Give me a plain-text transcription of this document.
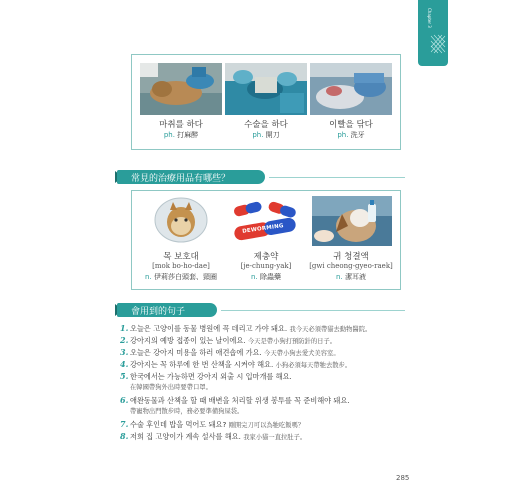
Chapter 3
마취를 하다
ph. 打麻醉
수술을 하다
ph. 開刀
이빨을 닦다
ph. 洗牙
常見的治療用品有哪些？
목 보호대
[mok bo-ho-dae]
n. 伊莉莎白頭套、頸圈
DEWORMING
제충약
[je-chung-yak]
n. 除蟲藥
귀 청결액
[gwi cheong-gyeo-raek]
n. 潔耳液
會用到的句子
1. 오늘은 고양이를 동물 병원에 꼭 데리고 가야 돼요. 我今天必須帶貓去動物醫院。
2. 강아지의 예방 접종이 있는 날이에요. 今天是帶小狗打預防針的日子。
3. 오늘은 강아지 미용을 하러 애견숍에 가요. 今天帶小狗去愛犬美容室。
4. 강아지는 꼭 하루에 한 번 산책을 시켜야 해요. 小狗必須每天帶牠去散步。
5. 한국에서는 가능하면 강아지 외출 시 입마개를 해요.
在韓國帶狗外出時要帶口罩。
6. 애완동물과 산책을 할 때 배변을 처리할 위생 봉투를 꼭 준비해야 돼요.
帶寵物出門散步時，務必要準備狗屎袋。
7. 수술 후인데 밥을 먹어도 돼요? 剛開完刀可以為牠吃飯嗎？
8. 저희 집 고양이가 계속 설사를 해요. 我家小貓一直拉肚子。
285
